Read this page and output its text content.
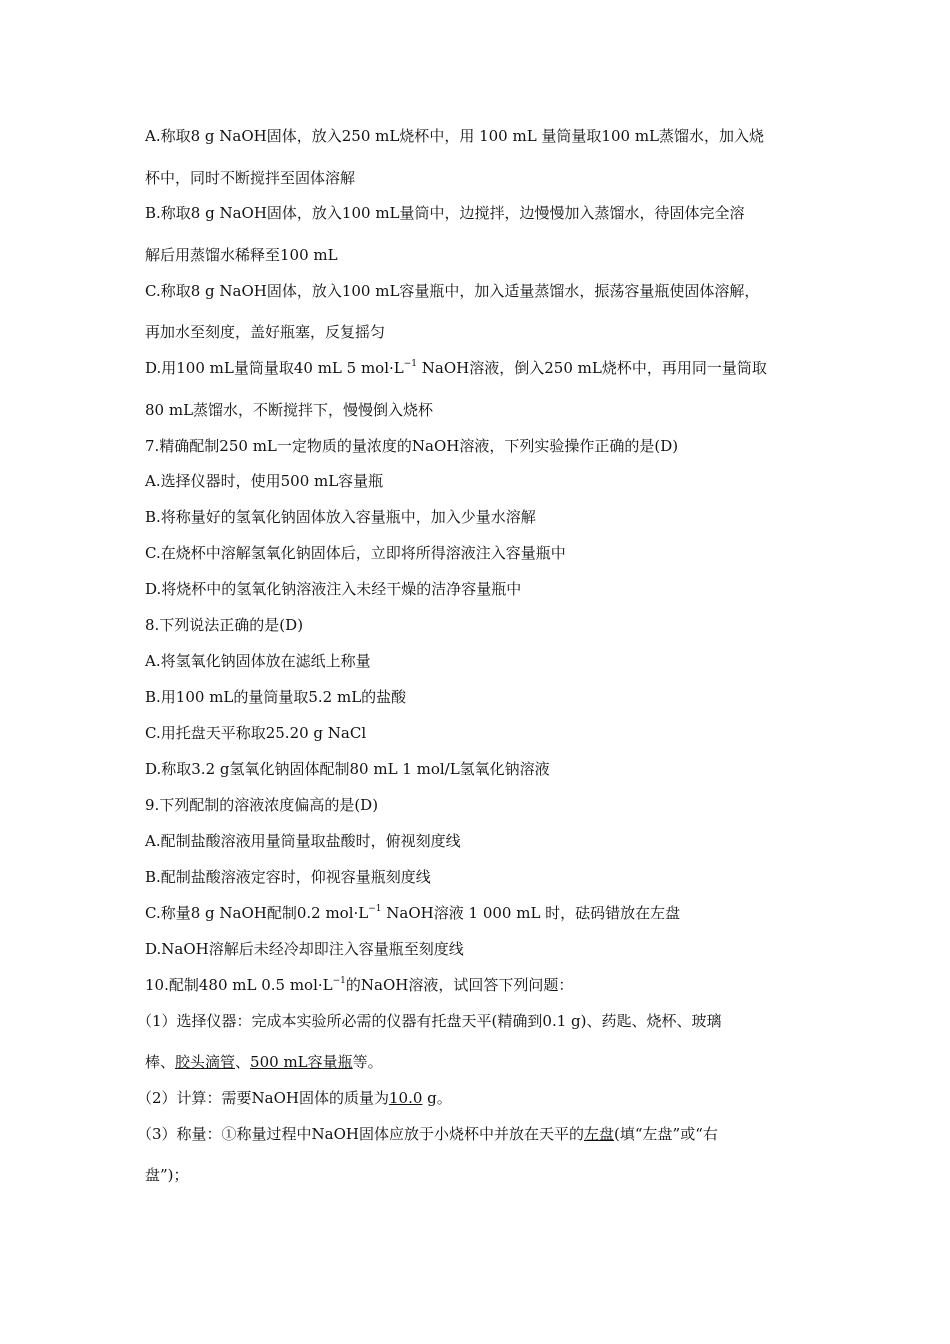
A.称取8 g NaOH固体，放入250 mL烧杯中，用 100 mL 量筒量取100 mL蒸馏水，加入烧
杯中，同时不断搅拌至固体溶解
B.称取8 g NaOH固体，放入100 mL量筒中，边搅拌，边慢慢加入蒸馏水，待固体完全溶
解后用蒸馏水稀释至100 mL
C.称取8 g NaOH固体，放入100 mL容量瓶中，加入适量蒸馏水，振荡容量瓶使固体溶解，
再加水至刻度，盖好瓶塞，反复摇匀
D.用100 mL量筒量取40 mL 5 $mol\cdot L^{-1}$ NaOH溶液，倒入250 mL烧杯中，再用同一量筒取
80 mL蒸馏水，不断搅拌下，慢慢倒入烧杯
7.精确配制250 mL一定物质的量浓度的NaOH溶液，下列实验操作正确的是(D)
A.选择仪器时，使用500 mL容量瓶
B.将称量好的氢氧化钠固体放入容量瓶中，加入少量水溶解
C.在烧杯中溶解氢氧化钠固体后，立即将所得溶液注入容量瓶中
D.将烧杯中的氢氧化钠溶液注入未经干燥的洁净容量瓶中
8.下列说法正确的是(D)
A.将氢氧化钠固体放在滤纸上称量
B.用100 mL的量筒量取5.2 mL的盐酸
C.用托盘天平称取25.20 g NaCl
D.称取3.2 g氢氧化钠固体配制80 mL 1 mol/L氢氧化钠溶液
9.下列配制的溶液浓度偏高的是(D)
A.配制盐酸溶液用量筒量取盐酸时，俯视刻度线
B.配制盐酸溶液定容时，仰视容量瓶刻度线
C.称量8 g NaOH配制0.2 $mol\cdot L^{-1}$ NaOH溶液 1 000 mL 时，砝码错放在左盘
D.NaOH溶解后未经冷却即注入容量瓶至刻度线
10.配制480 mL 0.5 $mol\cdot L^{-1}$的NaOH溶液，试回答下列问题：
（1）选择仪器：完成本实验所必需的仪器有托盘天平(精确到0.1 g)、药匙、烧杯、玻璃
棒、胶头滴管、500 mL容量瓶等。
（2）计算：需要NaOH固体的质量为10.0 g。
（3）称量：①称量过程中NaOH固体应放于小烧杯中并放在天平的左盘(填“左盘”或“右
盘”)；
